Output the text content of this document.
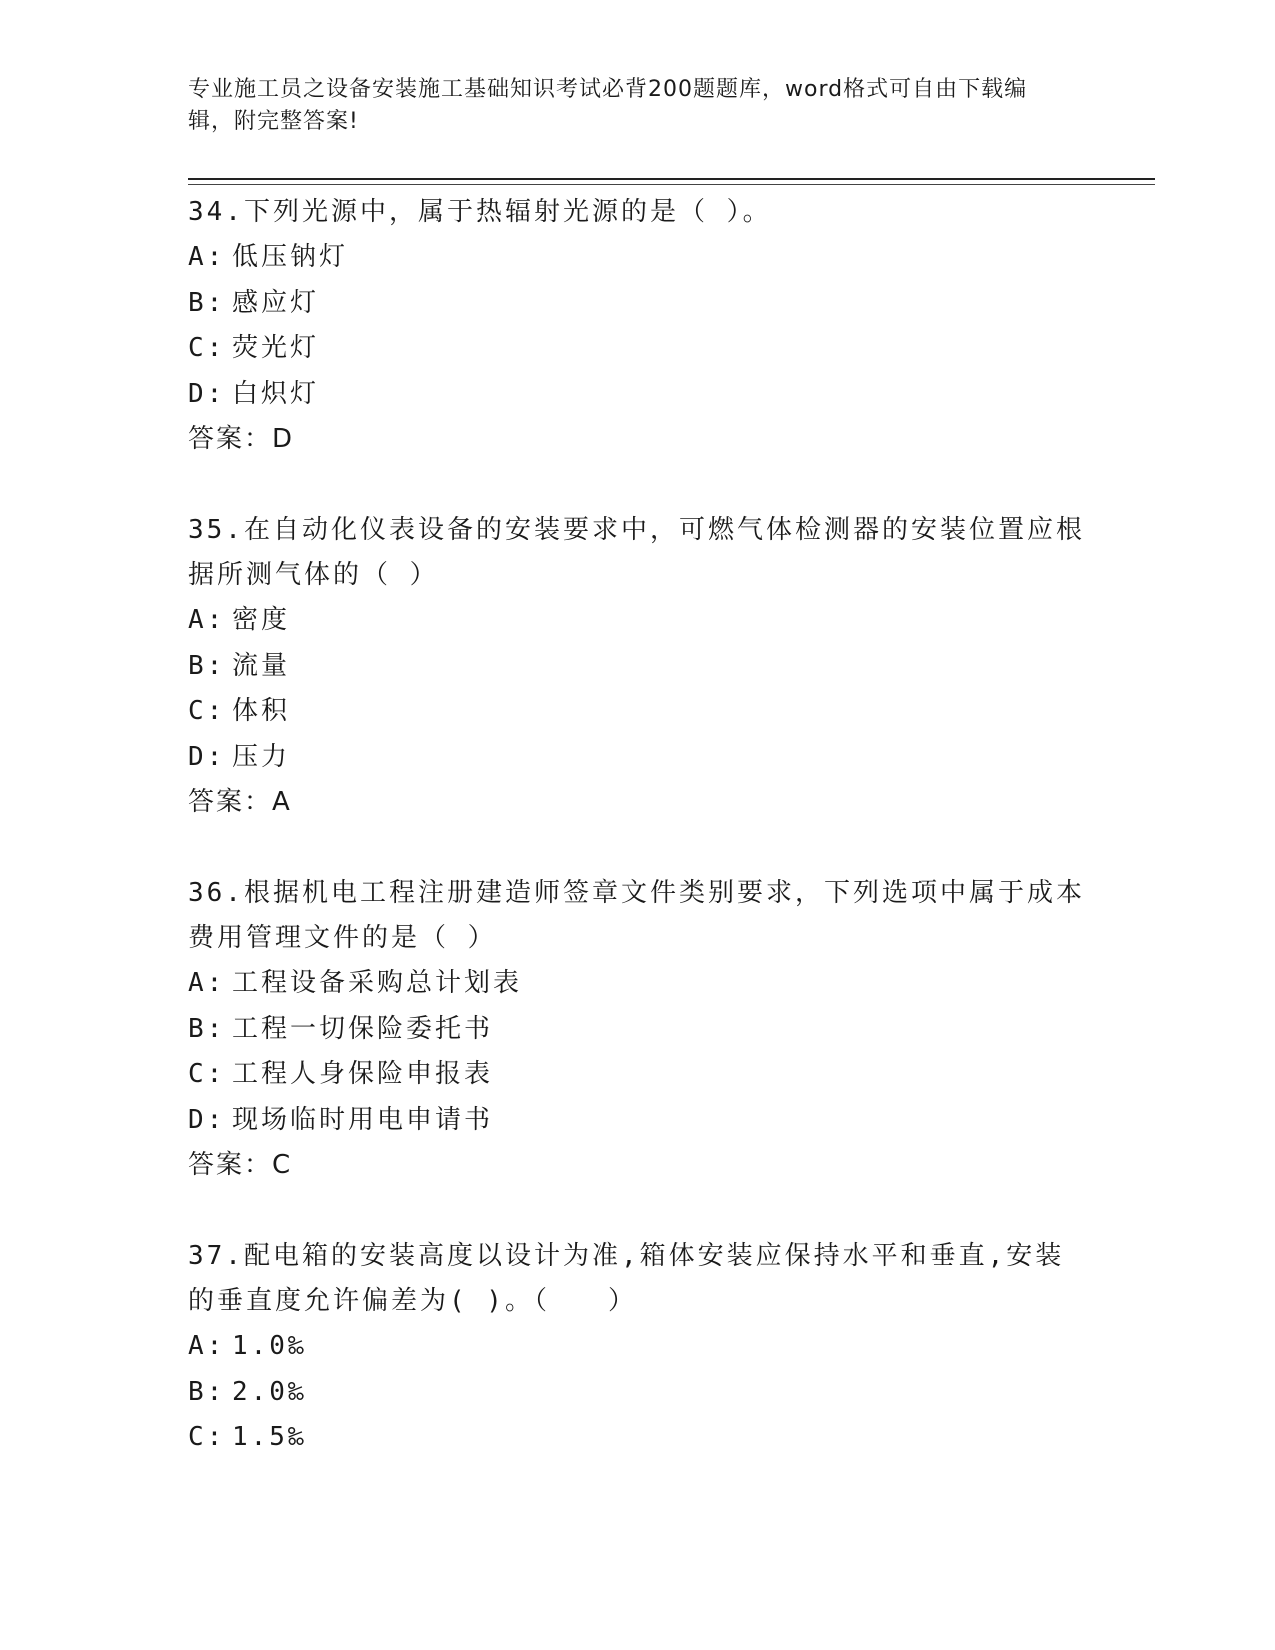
专业施工员之设备安装施工基础知识考试必背200题题库，word格式可自由下载编辑，附完整答案!
34.下列光源中，属于热辐射光源的是（ ）。
A: 低压钠灯
B: 感应灯
C: 荧光灯
D: 白炽灯
答案：D
35.在自动化仪表设备的安装要求中，可燃气体检测器的安装位置应根据所测气体的（ ）
A: 密度
B: 流量
C: 体积
D: 压力
答案：A
36.根据机电工程注册建造师签章文件类别要求，下列选项中属于成本费用管理文件的是（ ）
A: 工程设备采购总计划表
B: 工程一切保险委托书
C: 工程人身保险申报表
D: 现场临时用电申请书
答案：C
37.配电箱的安装高度以设计为准,箱体安装应保持水平和垂直,安装的垂直度允许偏差为( )。（　　）
A: 1.0‰
B: 2.0‰
C: 1.5‰
